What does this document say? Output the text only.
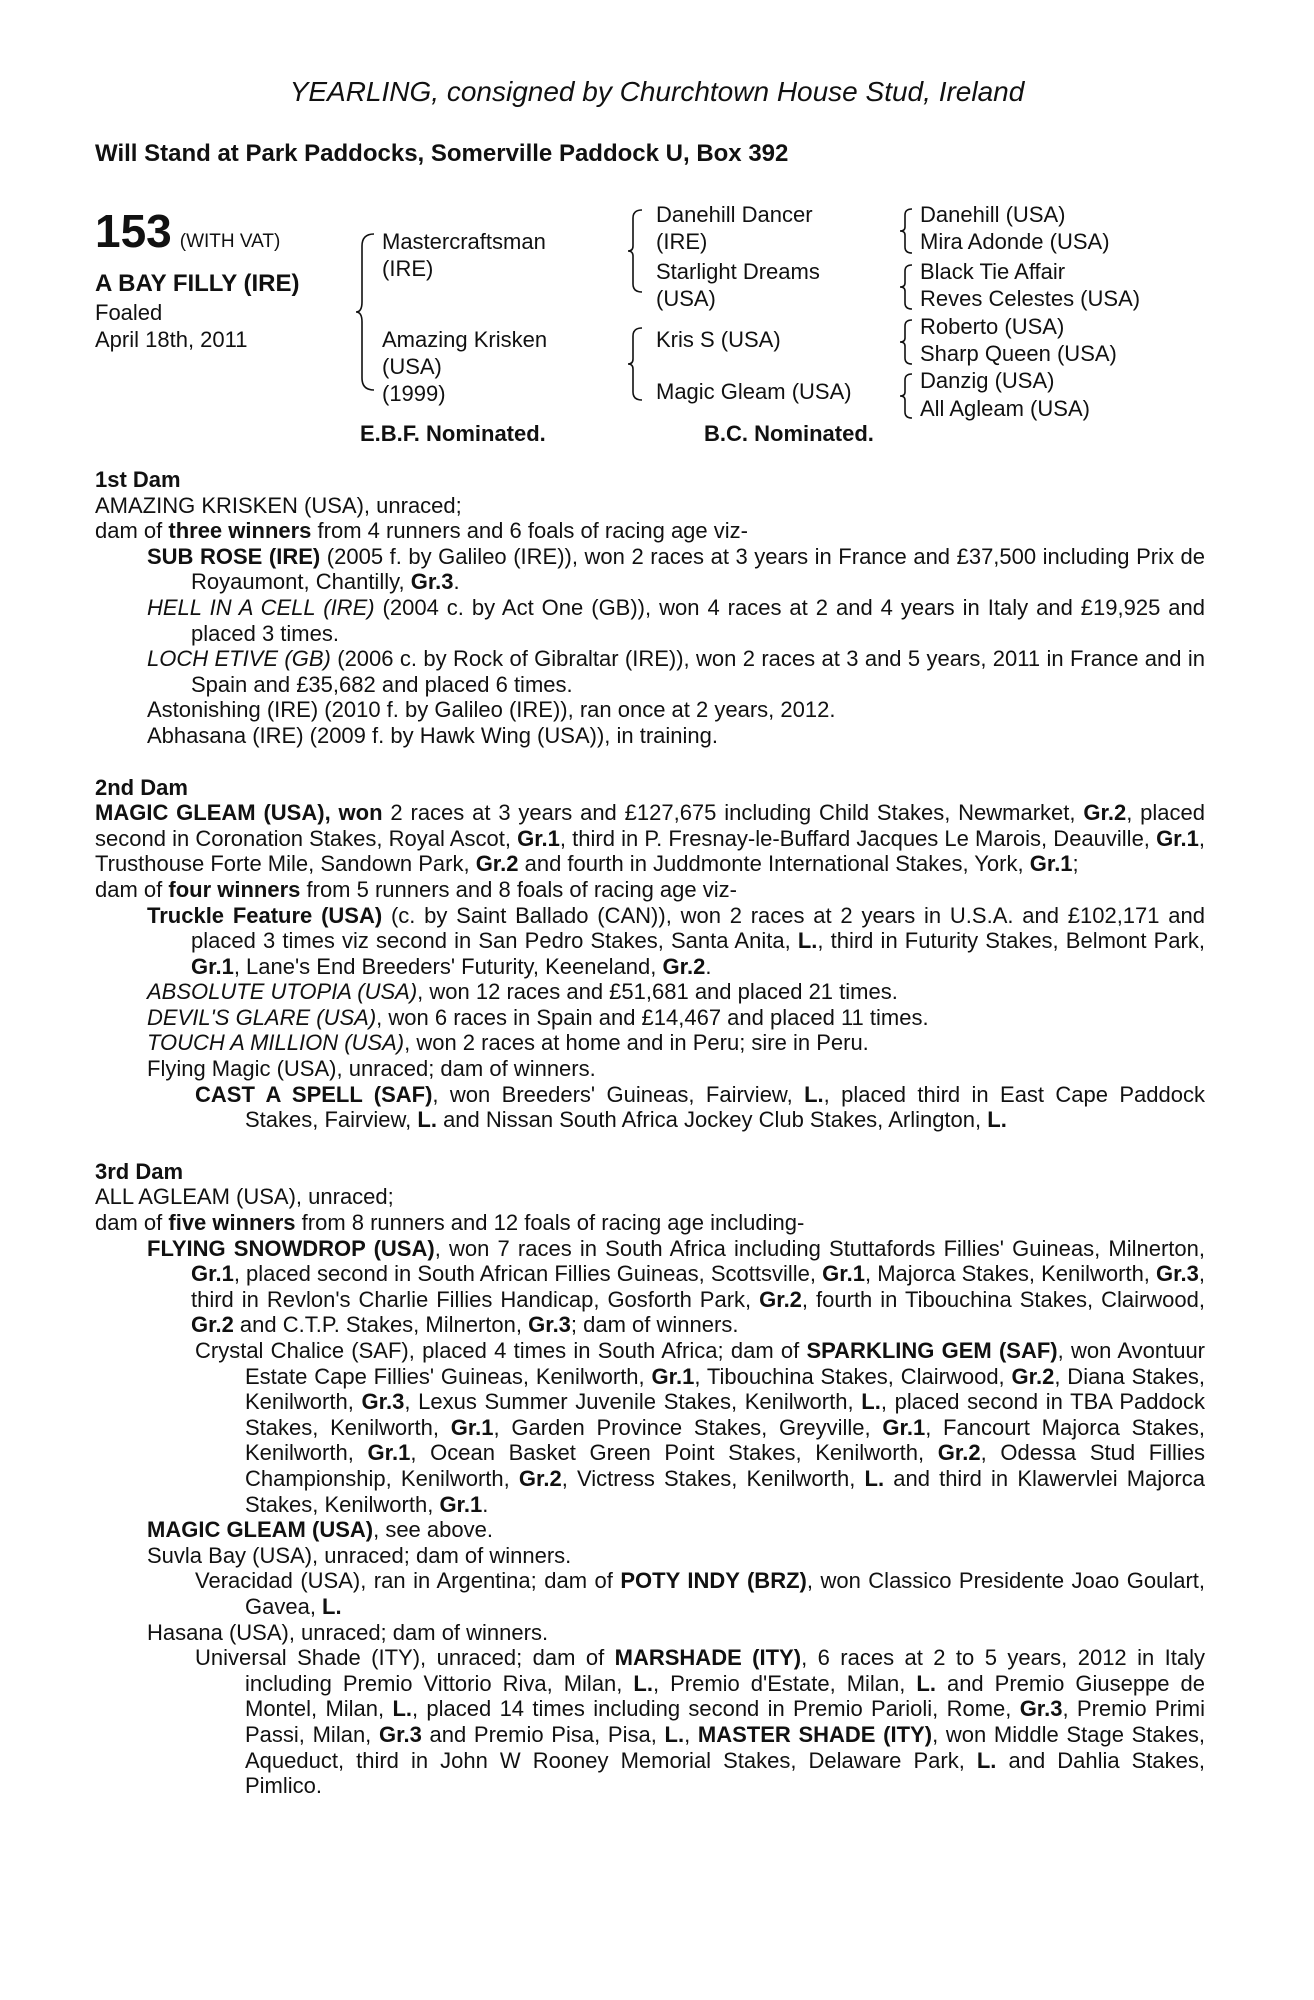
YEARLING, consigned by Churchtown House Stud, Ireland
Will Stand at Park Paddocks, Somerville Paddock U, Box 392
153 (WITH VAT)
A BAY FILLY (IRE)
Foaled
April 18th, 2011
Mastercraftsman
(IRE)
Amazing Krisken
(USA)
(1999)
Danehill Dancer
(IRE)
Starlight Dreams
(USA)
Kris S (USA)
Magic Gleam (USA)
Danehill (USA)
Mira Adonde (USA)
Black Tie Affair
Reves Celestes (USA)
Roberto (USA)
Sharp Queen (USA)
Danzig (USA)
All Agleam (USA)
E.B.F. Nominated.	B.C. Nominated.

1st Dam

AMAZING KRISKEN (USA), unraced;

dam of three winners from 4 runners and 6 foals of racing age viz-

SUB ROSE (IRE) (2005 f. by Galileo (IRE)), won 2 races at 3 years in France and £37,500 including Prix de Royaumont, Chantilly, Gr.3.

HELL IN A CELL (IRE) (2004 c. by Act One (GB)), won 4 races at 2 and 4 years in Italy and £19,925 and placed 3 times.

LOCH ETIVE (GB) (2006 c. by Rock of Gibraltar (IRE)), won 2 races at 3 and 5 years, 2011 in France and in Spain and £35,682 and placed 6 times.

Astonishing (IRE) (2010 f. by Galileo (IRE)), ran once at 2 years, 2012.

Abhasana (IRE) (2009 f. by Hawk Wing (USA)), in training.

2nd Dam

MAGIC GLEAM (USA), won 2 races at 3 years and £127,675 including Child Stakes, Newmarket, Gr.2, placed second in Coronation Stakes, Royal Ascot, Gr.1, third in P. Fresnay-le-Buffard Jacques Le Marois, Deauville, Gr.1, Trusthouse Forte Mile, Sandown Park, Gr.2 and fourth in Juddmonte International Stakes, York, Gr.1;

dam of four winners from 5 runners and 8 foals of racing age viz-

Truckle Feature (USA) (c. by Saint Ballado (CAN)), won 2 races at 2 years in U.S.A. and £102,171 and placed 3 times viz second in San Pedro Stakes, Santa Anita, L., third in Futurity Stakes, Belmont Park, Gr.1, Lane's End Breeders' Futurity, Keeneland, Gr.2.

ABSOLUTE UTOPIA (USA), won 12 races and £51,681 and placed 21 times.

DEVIL'S GLARE (USA), won 6 races in Spain and £14,467 and placed 11 times.

TOUCH A MILLION (USA), won 2 races at home and in Peru; sire in Peru.

Flying Magic (USA), unraced; dam of winners.

CAST A SPELL (SAF), won Breeders' Guineas, Fairview, L., placed third in East Cape Paddock Stakes, Fairview, L. and Nissan South Africa Jockey Club Stakes, Arlington, L.

3rd Dam

ALL AGLEAM (USA), unraced;

dam of five winners from 8 runners and 12 foals of racing age including-

FLYING SNOWDROP (USA), won 7 races in South Africa including Stuttafords Fillies' Guineas, Milnerton, Gr.1, placed second in South African Fillies Guineas, Scottsville, Gr.1, Majorca Stakes, Kenilworth, Gr.3, third in Revlon's Charlie Fillies Handicap, Gosforth Park, Gr.2, fourth in Tibouchina Stakes, Clairwood, Gr.2 and C.T.P. Stakes, Milnerton, Gr.3; dam of winners.

Crystal Chalice (SAF), placed 4 times in South Africa; dam of SPARKLING GEM (SAF), won Avontuur Estate Cape Fillies' Guineas, Kenilworth, Gr.1, Tibouchina Stakes, Clairwood, Gr.2, Diana Stakes, Kenilworth, Gr.3, Lexus Summer Juvenile Stakes, Kenilworth, L., placed second in TBA Paddock Stakes, Kenilworth, Gr.1, Garden Province Stakes, Greyville, Gr.1, Fancourt Majorca Stakes, Kenilworth, Gr.1, Ocean Basket Green Point Stakes, Kenilworth, Gr.2, Odessa Stud Fillies Championship, Kenilworth, Gr.2, Victress Stakes, Kenilworth, L. and third in Klawervlei Majorca Stakes, Kenilworth, Gr.1.

MAGIC GLEAM (USA), see above.

Suvla Bay (USA), unraced; dam of winners.

Veracidad (USA), ran in Argentina; dam of POTY INDY (BRZ), won Classico Presidente Joao Goulart, Gavea, L.

Hasana (USA), unraced; dam of winners.

Universal Shade (ITY), unraced; dam of MARSHADE (ITY), 6 races at 2 to 5 years, 2012 in Italy including Premio Vittorio Riva, Milan, L., Premio d'Estate, Milan, L. and Premio Giuseppe de Montel, Milan, L., placed 14 times including second in Premio Parioli, Rome, Gr.3, Premio Primi Passi, Milan, Gr.3 and Premio Pisa, Pisa, L., MASTER SHADE (ITY), won Middle Stage Stakes, Aqueduct, third in John W Rooney Memorial Stakes, Delaware Park, L. and Dahlia Stakes, Pimlico.
